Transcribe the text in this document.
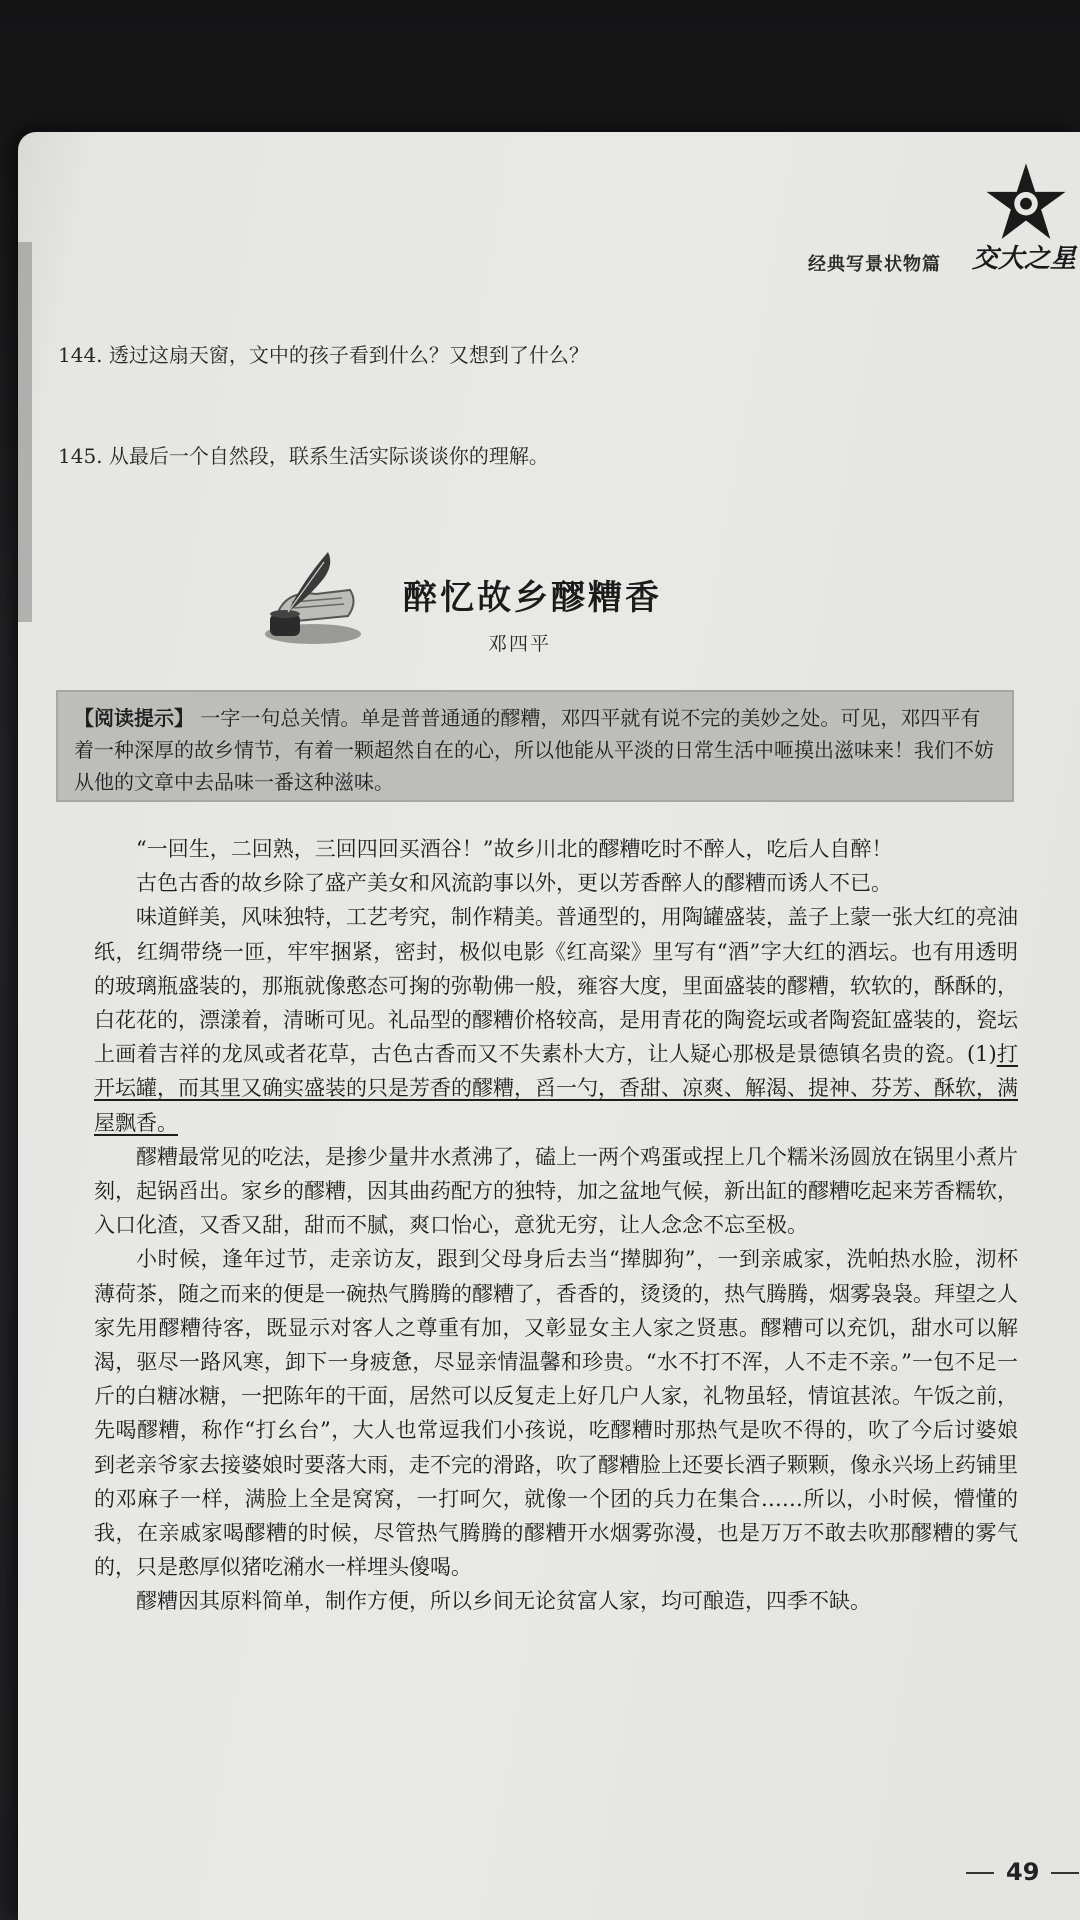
经典写景状物篇 交大之星
144. 透过这扇天窗，文中的孩子看到什么？又想到了什么？
145. 从最后一个自然段，联系生活实际谈谈你的理解。
醉忆故乡醪糟香
邓四平
【阅读提示】 一字一句总关情。单是普普通通的醪糟，邓四平就有说不完的美妙之处。可见，邓四平有着一种深厚的故乡情节，有着一颗超然自在的心，所以他能从平淡的日常生活中咂摸出滋味来！我们不妨从他的文章中去品味一番这种滋味。

“一回生，二回熟，三回四回买酒谷！”故乡川北的醪糟吃时不醉人，吃后人自醉！

古色古香的故乡除了盛产美女和风流韵事以外，更以芳香醉人的醪糟而诱人不已。

味道鲜美，风味独特，工艺考究，制作精美。普通型的，用陶罐盛装，盖子上蒙一张大红的亮油纸，红绸带绕一匝，牢牢捆紧，密封，极似电影《红高粱》里写有“酒”字大红的酒坛。也有用透明的玻璃瓶盛装的，那瓶就像憨态可掬的弥勒佛一般，雍容大度，里面盛装的醪糟，软软的，酥酥的，白花花的，漂漾着，清晰可见。礼品型的醪糟价格较高，是用青花的陶瓷坛或者陶瓷缸盛装的，瓷坛上画着吉祥的龙凤或者花草，古色古香而又不失素朴大方，让人疑心那极是景德镇名贵的瓷。(1)打开坛罐，而其里又确实盛装的只是芳香的醪糟，舀一勺，香甜、凉爽、解渴、提神、芬芳、酥软，满屋飘香。

醪糟最常见的吃法，是掺少量井水煮沸了，磕上一两个鸡蛋或捏上几个糯米汤圆放在锅里小煮片刻，起锅舀出。家乡的醪糟，因其曲药配方的独特，加之盆地气候，新出缸的醪糟吃起来芳香糯软，入口化渣，又香又甜，甜而不腻，爽口怡心，意犹无穷，让人念念不忘至极。

小时候，逢年过节，走亲访友，跟到父母身后去当“撵脚狗”，一到亲戚家，洗帕热水脸，沏杯薄荷茶，随之而来的便是一碗热气腾腾的醪糟了，香香的，烫烫的，热气腾腾，烟雾袅袅。拜望之人家先用醪糟待客，既显示对客人之尊重有加，又彰显女主人家之贤惠。醪糟可以充饥，甜水可以解渴，驱尽一路风寒，卸下一身疲惫，尽显亲情温馨和珍贵。“水不打不浑，人不走不亲。”一包不足一斤的白糖冰糖，一把陈年的干面，居然可以反复走上好几户人家，礼物虽轻，情谊甚浓。午饭之前，先喝醪糟，称作“打幺台”，大人也常逗我们小孩说，吃醪糟时那热气是吹不得的，吹了今后讨婆娘到老亲爷家去接婆娘时要落大雨，走不完的滑路，吹了醪糟脸上还要长酒子颗颗，像永兴场上药铺里的邓麻子一样，满脸上全是窝窝，一打呵欠，就像一个团的兵力在集合……所以，小时候，懵懂的我，在亲戚家喝醪糟的时候，尽管热气腾腾的醪糟开水烟雾弥漫，也是万万不敢去吹那醪糟的雾气的，只是憨厚似猪吃潲水一样埋头傻喝。

醪糟因其原料简单，制作方便，所以乡间无论贫富人家，均可酿造，四季不缺。

49
